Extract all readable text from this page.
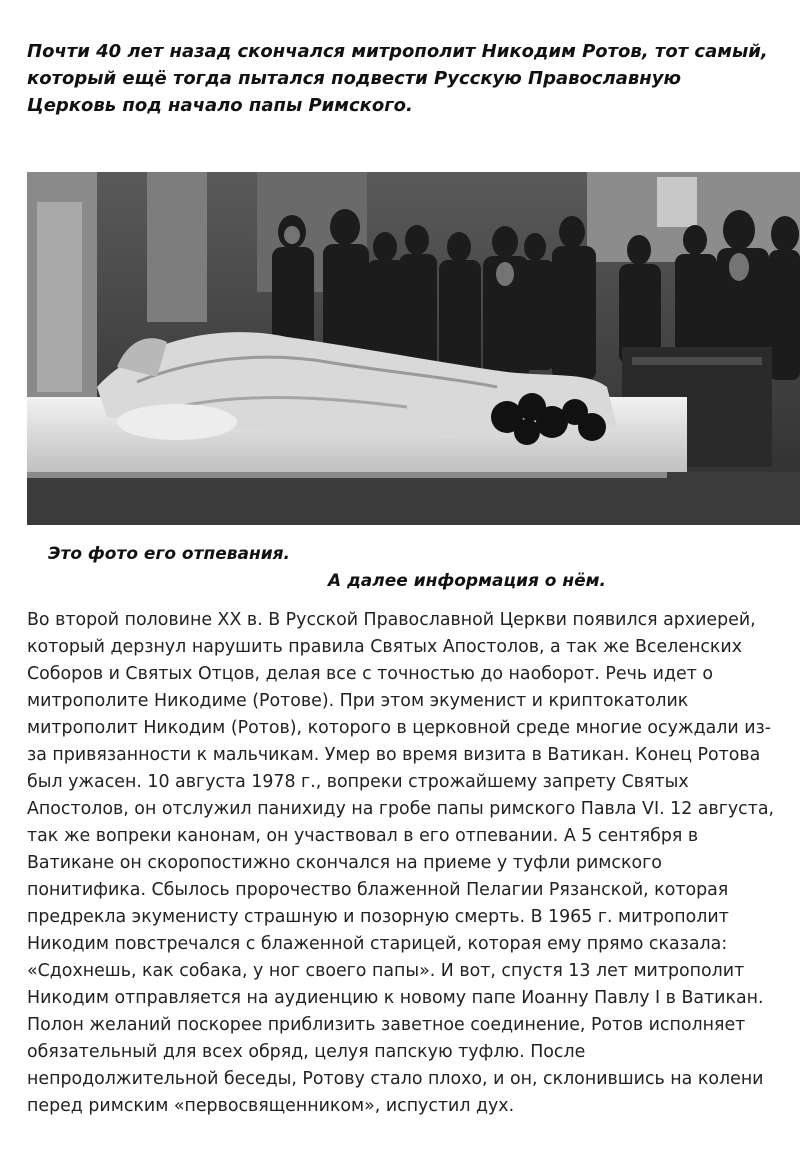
Почти 40 лет назад скончался митрополит Никодим Ротов, тот самый, который ещё тогда пытался подвести Русскую Православную Церковь под начало папы Римского.

Это фото его отпевания.

А далее информация о нём.

Во второй половине XX в. В Русской Православной Церкви появился архиерей, который дерзнул нарушить правила Святых Апостолов, а так же Вселенских Соборов и Святых Отцов, делая все с точностью до наоборот. Речь идет о митрополите Никодиме (Ротове). При этом экуменист и криптокатолик митрополит Никодим (Ротов), которого в церковной среде многие осуждали из-за привязанности к мальчикам. Умер во время визита в Ватикан. Конец Ротова был ужасен. 10 августа 1978 г., вопреки строжайшему запрету Святых Апостолов, он отслужил панихиду на гробе папы римского Павла VI. 12 августа, так же вопреки канонам, он участвовал в его отпевании. А 5 сентября в Ватикане он скоропостижно скончался на приеме у туфли римского понитифика. Сбылось пророчество блаженной Пелагии Рязанской, которая предрекла экуменисту страшную и позорную смерть. В 1965 г. митрополит Никодим повстречался с блаженной старицей, которая ему прямо сказала: «Сдохнешь, как собака, у ног своего папы». И вот, спустя 13 лет митрополит Никодим отправляется на аудиенцию к новому папе Иоанну Павлу I в Ватикан. Полон желаний поскорее приблизить заветное соединение, Ротов исполняет обязательный для всех обряд, целуя папскую туфлю. После непродолжительной беседы, Ротову стало плохо, и он, склонившись на колени перед римским «первосвященником», испустил дух.
